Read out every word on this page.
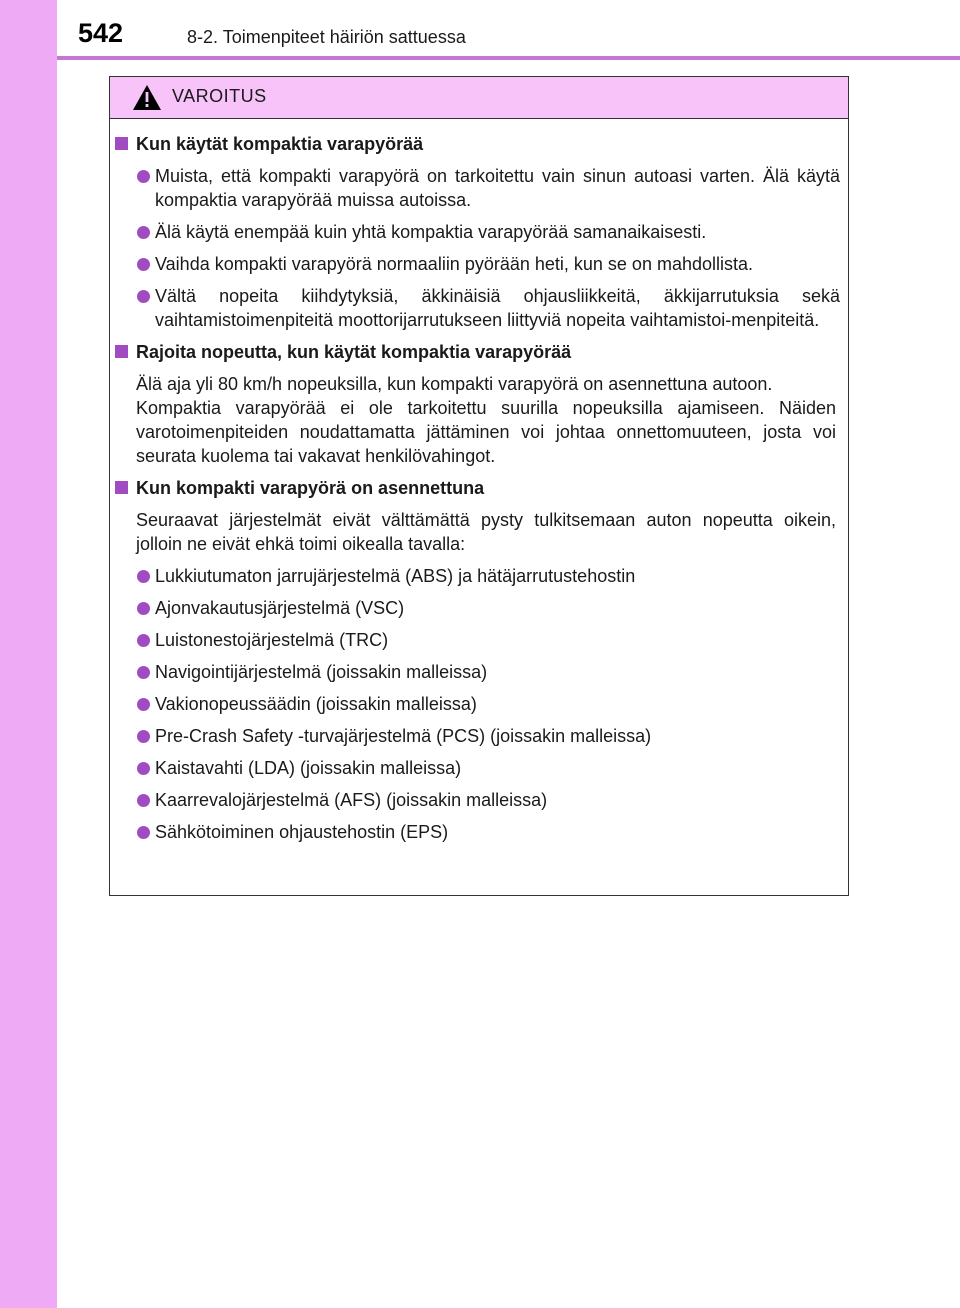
542	8-2. Toimenpiteet häiriön sattuessa
VAROITUS
Kun käytät kompaktia varapyörää
Muista, että kompakti varapyörä on tarkoitettu vain sinun autoasi varten. Älä käytä kompaktia varapyörää muissa autoissa.
Älä käytä enempää kuin yhtä kompaktia varapyörää samanaikaisesti.
Vaihda kompakti varapyörä normaaliin pyörään heti, kun se on mahdollista.
Vältä nopeita kiihdytyksiä, äkkinäisiä ohjausliikkeitä, äkkijarrutuksia sekä vaihtamistoimenpiteitä moottorijarrutukseen liittyviä nopeita vaihtamistoi-menpiteitä.
Rajoita nopeutta, kun käytät kompaktia varapyörää

Älä aja yli 80 km/h nopeuksilla, kun kompakti varapyörä on asennettuna autoon.

Kompaktia varapyörää ei ole tarkoitettu suurilla nopeuksilla ajamiseen. Näiden varotoimenpiteiden noudattamatta jättäminen voi johtaa onnettomuuteen, josta voi seurata kuolema tai vakavat henkilövahingot.

Kun kompakti varapyörä on asennettuna
Seuraavat järjestelmät eivät välttämättä pysty tulkitsemaan auton nopeutta oikein, jolloin ne eivät ehkä toimi oikealla tavalla:
Lukkiutumaton jarrujärjestelmä (ABS) ja hätäjarrutustehostin
Ajonvakautusjärjestelmä (VSC)
Luistonestojärjestelmä (TRC)
Navigointijärjestelmä (joissakin malleissa)
Vakionopeussäädin (joissakin malleissa)
Pre-Crash Safety -turvajärjestelmä (PCS) (joissakin malleissa)
Kaistavahti (LDA) (joissakin malleissa)
Kaarrevalojärjestelmä (AFS) (joissakin malleissa)
Sähkötoiminen ohjaustehostin (EPS)
